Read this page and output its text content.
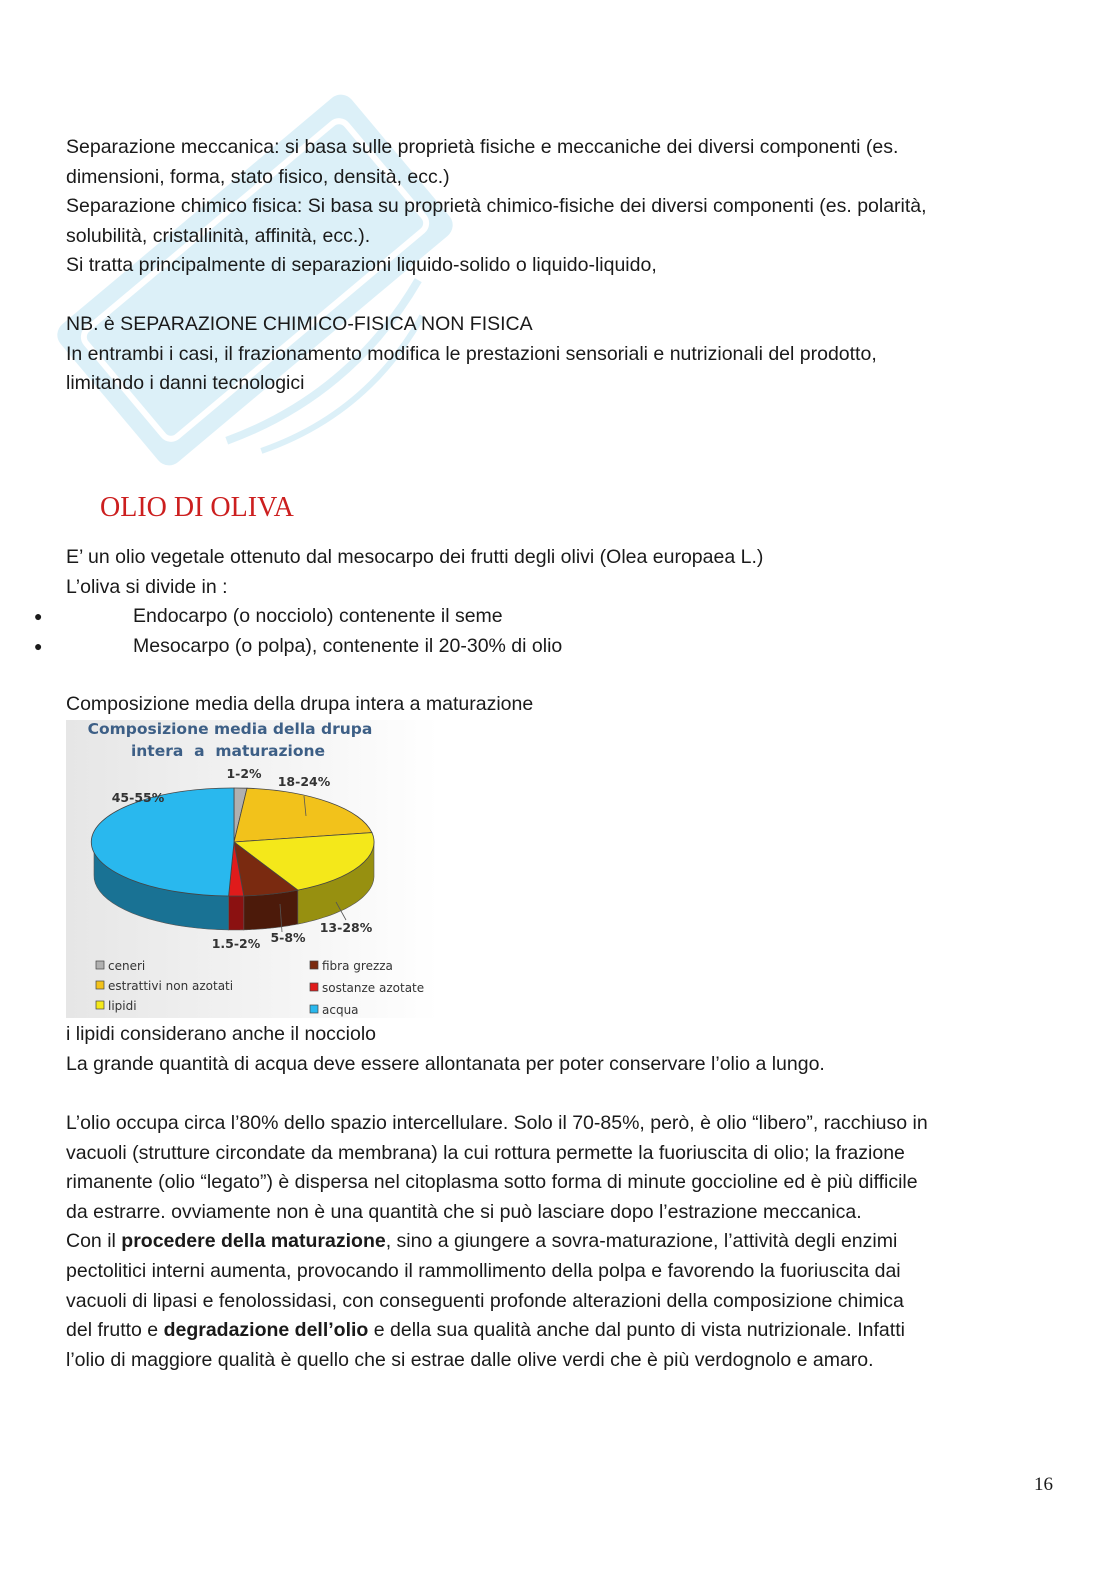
Separazione meccanica: si basa sulle proprietà fisiche e meccaniche dei diversi componenti (es.

dimensioni, forma, stato fisico, densità, ecc.)

Separazione chimico fisica: Si basa su proprietà chimico-fisiche dei diversi componenti (es. polarità,

solubilità, cristallinità, affinità, ecc.).

Si tratta principalmente di separazioni liquido-solido o liquido-liquido,

NB. è SEPARAZIONE CHIMICO-FISICA NON FISICA

In entrambi i casi, il frazionamento modifica le prestazioni sensoriali e nutrizionali del prodotto,

limitando i danni tecnologici

E’ un olio vegetale ottenuto dal mesocarpo dei frutti degli olivi (Olea europaea L.)

L’oliva si divide in :

● Endocarpo (o nocciolo) contenente il seme
● Mesocarpo (o polpa), contenente il 20-30% di olio

Composizione media della drupa intera a maturazione

i lipidi considerano anche il nocciolo

La grande quantità di acqua deve essere allontanata per poter conservare l’olio a lungo.

L’olio occupa circa l’80% dello spazio intercellulare. Solo il 70-85%, però, è olio “libero”, racchiuso in

vacuoli (strutture circondate da membrana) la cui rottura permette la fuoriuscita di olio; la frazione

rimanente (olio “legato”) è dispersa nel citoplasma sotto forma di minute goccioline ed è più difficile

da estrarre. ovviamente non è una quantità che si può lasciare dopo l’estrazione meccanica.

Con il procedere della maturazione, sino a giungere a sovra-maturazione, l’attività degli enzimi

pectolitici interni aumenta, provocando il rammollimento della polpa e favorendo la fuoriuscita dai

vacuoli di lipasi e fenolossidasi, con conseguenti profonde alterazioni della composizione chimica

del frutto e degradazione dell’olio e della sua qualità anche dal punto di vista nutrizionale. Infatti

l’olio di maggiore qualità è quello che si estrae dalle olive verdi che è più verdognolo e amaro.

OLIO DI OLIVA
Composizione media della drupa
intera  a  maturazione
1-2%
18-24%
13-28%
5-8%
1.5-2%
45-55%
ceneri
estrattivi non azotati
lipidi
fibra grezza
sostanze azotate
acqua

16
